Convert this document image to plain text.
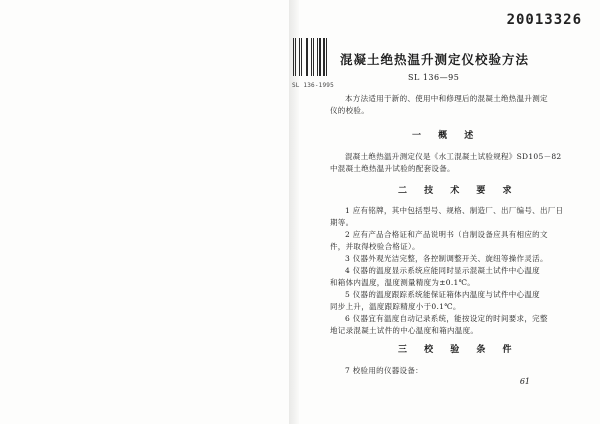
SL 136-1995
20013326
混凝土绝热温升测定仪校验方法
SL 136—95
本方法适用于新的、使用中和修理后的混凝土绝热温升测定
仪的校验。
一 概 述
混凝土绝热温升测定仪是《水工混凝土试验规程》SD105－82
中混凝土绝热温升试验的配套设备。
二 技 术 要 求
1 应有铭牌，其中包括型号、规格、制造厂、出厂编号、出厂日
期等。
2 应有产品合格证和产品说明书（自制设备应具有相应的文
件，并取得校验合格证）。
3 仪器外观光洁完整，各控制调整开关、旋纽等操作灵活。
4 仪器的温度显示系统应能同时显示混凝土试件中心温度
和箱体内温度，温度测量精度为±0.1℃。
5 仪器的温度跟踪系统能保证箱体内温度与试件中心温度
同步上升，温度跟踪精度小于0.1℃。
6 仪器宜有温度自动记录系统，能按设定的时间要求，完整
地记录混凝土试件的中心温度和箱内温度。
三 校 验 条 件
7 校验用的仪器设备：
61
